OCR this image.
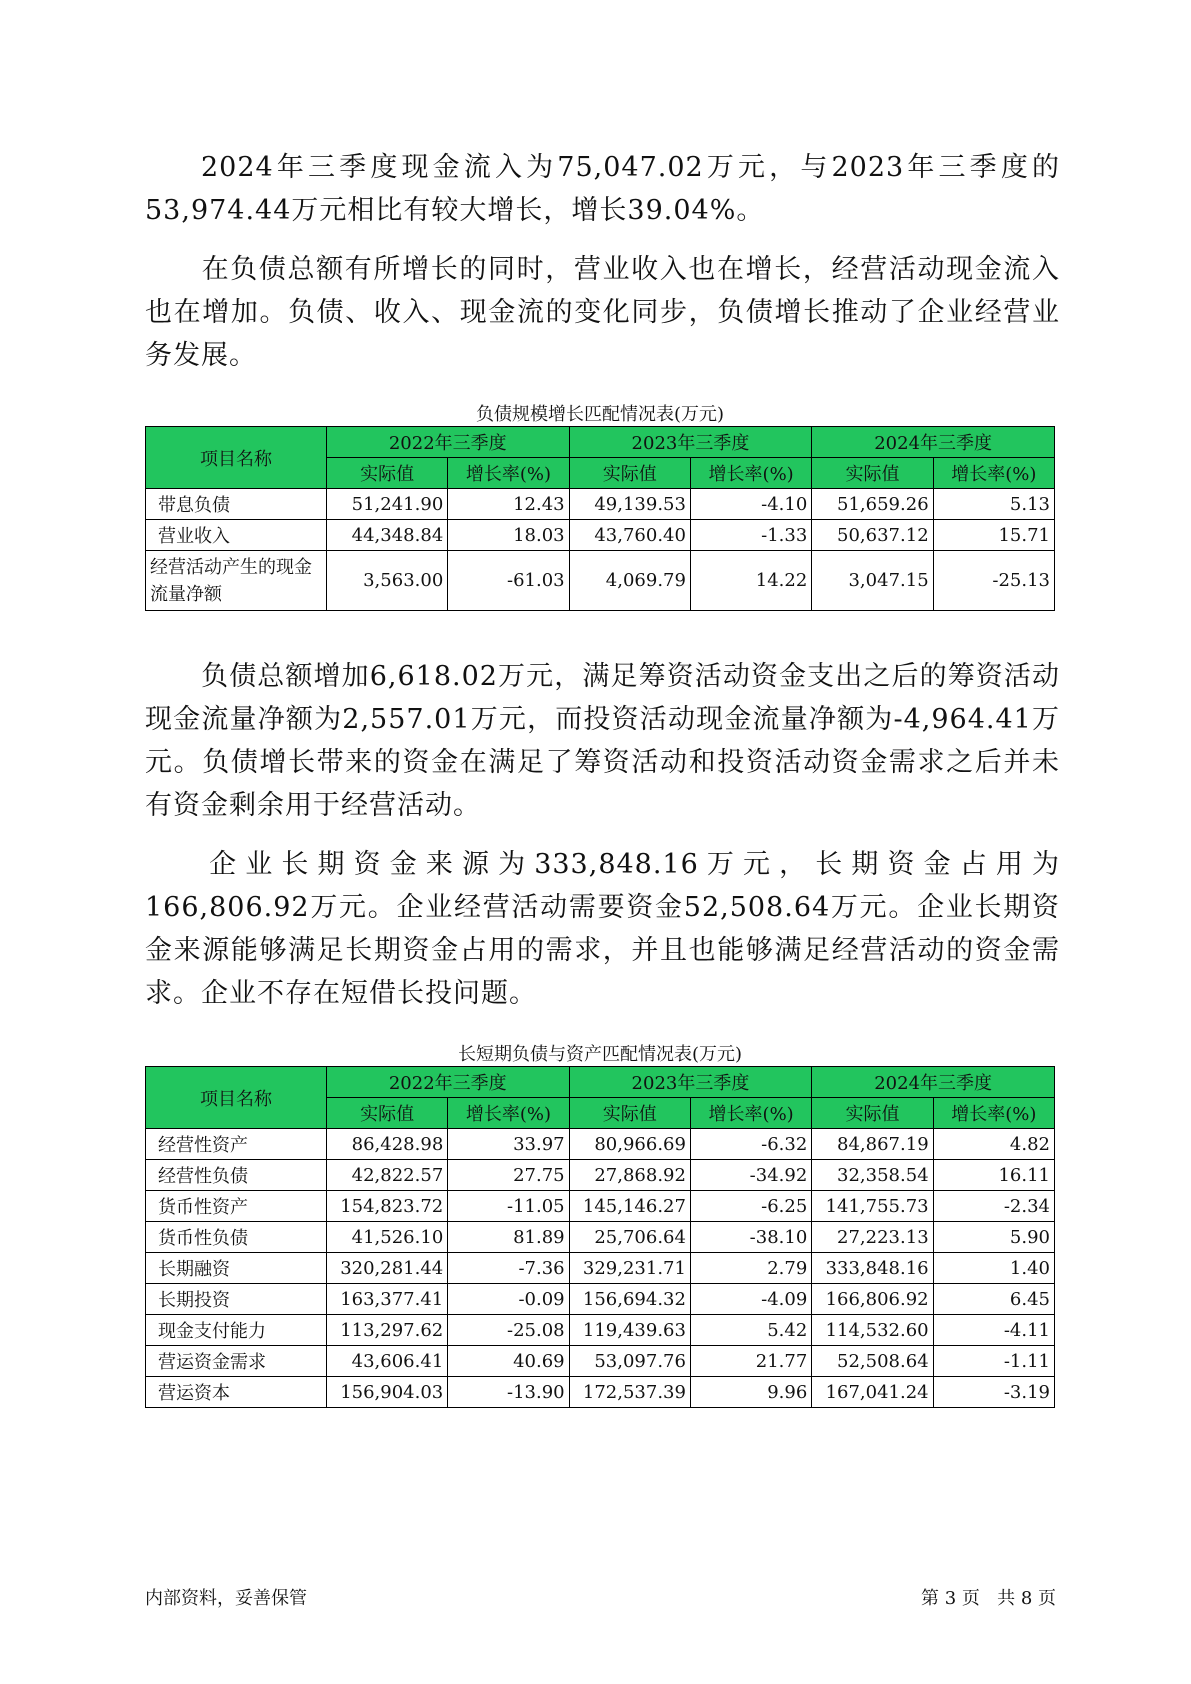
2024年三季度现金流入为75,047.02万元，与2023年三季度的53,974.44万元相比有较大增长，增长39.04%。

在负债总额有所增长的同时，营业收入也在增长，经营活动现金流入也在增加。负债、收入、现金流的变化同步，负债增长推动了企业经营业务发展。

负债规模增长匹配情况表(万元)
项目名称	2022年三季度		2023年三季度		2024年三季度	
	实际值	增长率(%)	实际值	增长率(%)	实际值	增长率(%)
带息负债	51,241.90	12.43	49,139.53	-4.10	51,659.26	5.13
营业收入	44,348.84	18.03	43,760.40	-1.33	50,637.12	15.71
经营活动产生的现金流量净额	3,563.00	-61.03	4,069.79	14.22	3,047.15	-25.13

负债总额增加6,618.02万元，满足筹资活动资金支出之后的筹资活动现金流量净额为2,557.01万元，而投资活动现金流量净额为-4,964.41万元。负债增长带来的资金在满足了筹资活动和投资活动资金需求之后并未有资金剩余用于经营活动。

企业长期资金来源为333,848.16万元，长期资金占用为166,806.92万元。企业经营活动需要资金52,508.64万元。企业长期资金来源能够满足长期资金占用的需求，并且也能够满足经营活动的资金需求。企业不存在短借长投问题。

长短期负债与资产匹配情况表(万元)
项目名称	2022年三季度		2023年三季度		2024年三季度	
	实际值	增长率(%)	实际值	增长率(%)	实际值	增长率(%)
经营性资产	86,428.98	33.97	80,966.69	-6.32	84,867.19	4.82
经营性负债	42,822.57	27.75	27,868.92	-34.92	32,358.54	16.11
货币性资产	154,823.72	-11.05	145,146.27	-6.25	141,755.73	-2.34
货币性负债	41,526.10	81.89	25,706.64	-38.10	27,223.13	5.90
长期融资	320,281.44	-7.36	329,231.71	2.79	333,848.16	1.40
长期投资	163,377.41	-0.09	156,694.32	-4.09	166,806.92	6.45
现金支付能力	113,297.62	-25.08	119,439.63	5.42	114,532.60	-4.11
营运资金需求	43,606.41	40.69	53,097.76	21.77	52,508.64	-1.11
营运资本	156,904.03	-13.90	172,537.39	9.96	167,041.24	-3.19
内部资料，妥善保管	第 3 页   共 8 页
